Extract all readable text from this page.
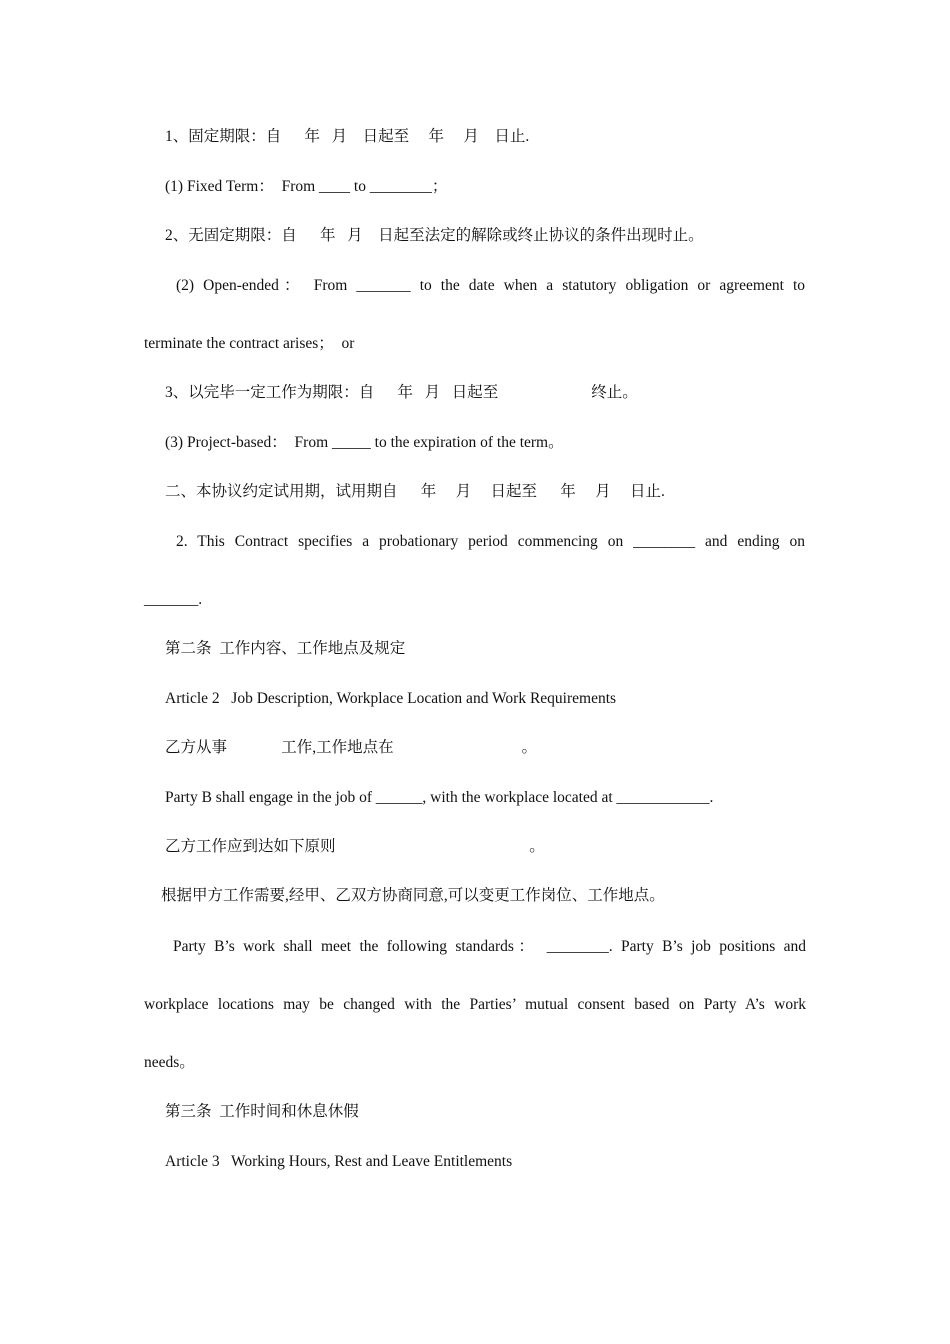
1、固定期限：自      年   月    日起至     年     月    日止.
(1) Fixed Term：  From ____ to ________；
2、无固定期限：自      年   月    日起至法定的解除或终止协议的条件出现时止。
(2) Open-ended： From _______ to the date when a statutory obligation or agreement to
terminate the contract arises；  or
3、以完毕一定工作为期限：自      年   月   日起至                        终止。
(3) Project-based：  From _____ to the expiration of the term。
二、本协议约定试用期，试用期自      年     月     日起至      年     月     日止.
2. This Contract specifies a probationary period commencing on ________ and ending on
_______.
第二条  工作内容、工作地点及规定
Article 2   Job Description, Workplace Location and Work Requirements
乙方从事              工作,工作地点在                                 。
Party B shall engage in the job of ______, with the workplace located at ____________.
乙方工作应到达如下原则                                                  。
根据甲方工作需要,经甲、乙双方协商同意,可以变更工作岗位、工作地点。
Party B’s work shall meet the following standards： ________. Party B’s job positions and
workplace locations may be changed with the Parties’ mutual consent based on Party A’s work
needs。
第三条  工作时间和休息休假
Article 3   Working Hours, Rest and Leave Entitlements
